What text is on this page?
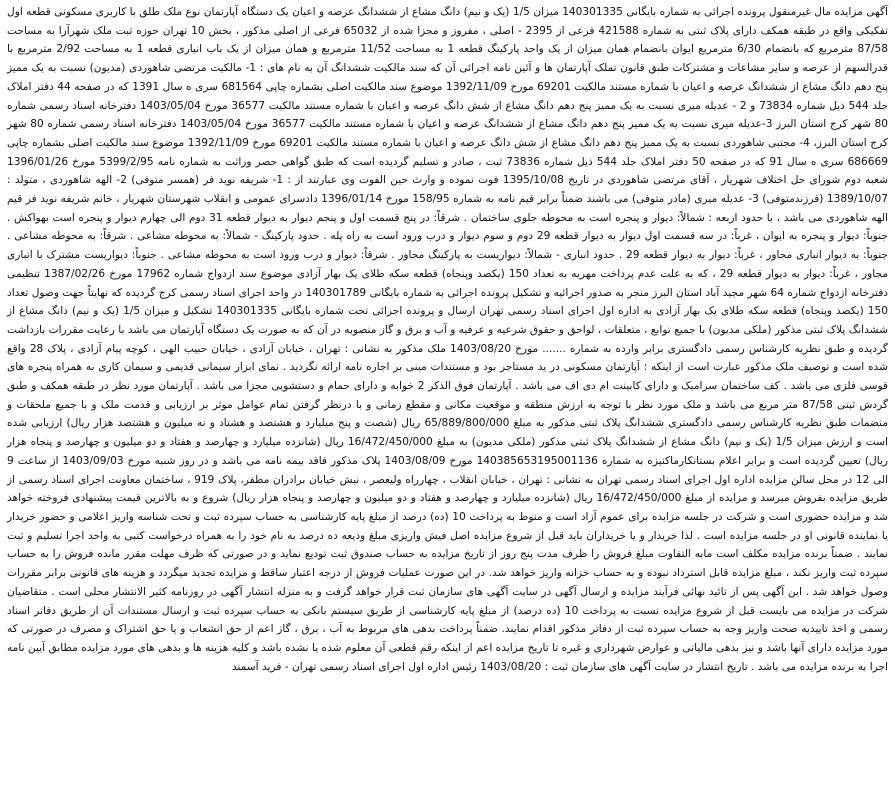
آگهی مزایده مال غیرمنقول پرونده اجرائی به شماره بایگانی 140301335 میزان 1/5 (یک و نیم) دانگ مشاع از ششدانگ عرصه و اعیان یک دستگاه آپارتمان نوع ملک طلق با کاربری مسکونی قطعه اول تفکیکی واقع در طبقه همکف دارای پلاک ثبتی به شماره 421588 فرعی از 2395 - اصلی ، مفروز و مجزا شده از 65032 فرعی از اصلی مذکور ، بخش 10 تهران حوزه ثبت ملک شهرآرا به مساحت 87/58 مترمربع که بانضمام 6/30 مترمربع ایوان بانضمام همان میزان از یک واحد پارکینگ قطعه 1 به مساحت 11/52 مترمربع و همان میزان از یک باب انباری قطعه 1 به مساحت 2/92 مترمربع با قدرالسهم از عرصه و سایر مشاعات و مشترکات طبق قانون تملک آپارتمان ها و آئین نامه اجرائی آن که سند مالکیت ششدانگ آن به نام های : 1- مالکیت مرتضی شاهوردی (مدیون) نسبت به یک ممیز پنج دهم دانگ مشاع از ششدانگ عرصه و اعیان با شماره مستند مالکیت 69201 مورخ 1392/11/09 موضوع سند مالکیت اصلی بشماره چاپی 681564 سری ه سال 1391 که در صفحه 44 دفتر املاک جلد 544 ذیل شماره 73834 و 2 - عدیله میری نسبت به یک ممیز پنج دهم دانگ مشاع از شش دانگ عرصه و اعیان با شماره مستند مالکیت 36577 مورخ 1403/05/04 دفترخانه اسناد رسمی شماره 80 شهر کرج استان البرز 3-عدیله میری نسبت به یک ممیز پنج دهم دانگ مشاع از ششدانگ عرصه و اعیان با شماره مستند مالکیت 36577 مورخ 1403/05/04 دفترخانه اسناد رسمی شماره 80 شهر کرج استان البرز، 4- مجتبی شاهوردی نسبت به یک ممیز پنج دهم دانگ مشاع از شش دانگ عرصه و اعیان با شماره مستند مالکیت 69201 مورخ 1392/11/09 موضوع سند مالکیت اصلی بشماره چاپی 686669 سری ه سال 91 که در صفحه 50 دفتر املاک جلد 544 ذیل شماره 73836 ثبت ، صادر و تسلیم گردیده است که طبق گواهی حصر وراثت به شماره نامه 5399/2/95 مورخ 1396/01/26 شعبه دوم شورای حل اختلاف شهریار ، آقای مرتضی شاهوردی در تاریخ 1395/10/08 فوت نموده و وارث حین الفوت وی عبارتند از : 1- شریفه نوید فر (همسر متوفی) 2- الهه شاهوردی ، متولد : 1389/10/07 (فرزندمتوفی) 3- عدیله میری (مادر متوفی) می باشند ضمناً برابر قیم نامه به شماره 158/95 مورخ 1396/01/14 دادسرای عمومی و انقلاب شهرستان شهریار ، خانم شریفه نوید فر قیم الهه شاهوردی می باشد ، با حدود اربعه : شمالاً: دیوار و پنجره است به محوطه جلوی ساختمان . شرقاً: در پنج قسمت اول و پنجم دیوار به دیوار قطعه 31 دوم الی چهارم دیوار و پنجره است بهواکش . جنوباً: دیوار و پنجره به ایوان ، غرباً: در سه قسمت اول دیوار به دیوار قطعه 29 دوم و سوم دیوار و درب ورود است به راه پله . حدود پارکینگ - شمالاً: به محوطه مشاعی . شرقاً: به محوطه مشاعی . جنوباً: به دیوار انباری مجاور ، غرباً: دیوار به دیوار قطعه 29 . حدود انباری - شمالاً: دیواریست به پارکینگ مجاور . شرقاً: دیوار و درب ورود است به محوطه مشاعی . جنوباً: دیواریست مشترک با انباری مجاور ، غرباً: دیوار به دیوار قطعه 29 ، که به علت عدم پرداخت مهریه به تعداد 150 (یکصد وپنجاه) قطعه سکه طلای یک بهار آزادی موضوع سند ازدواج شماره 17962 مورخ 1387/02/26 تنظیمی دفترخانه ازدواج شماره 64 شهر مجید آباد استان البرز منجر به صدور اجرائیه و تشکیل پرونده اجرائی به شماره بایگانی 140301789 در واحد اجرای اسناد رسمی کرج گردیده که نهایتاً جهت وصول تعداد 150 (یکصد وپنجاه) قطعه سکه طلای یک بهار آزادی به اداره اول اجرای اسناد رسمی تهران ارسال و پرونده اجرائی تحت شماره بایگانی 140301335 تشکیل و میزان 1/5 (یک و نیم) دانگ مشاع از ششدانگ پلاک ثبتی مذکور (ملکی مدیون) با جمیع توابع ، متعلقات ، لواحق و حقوق شرعیه و عرفیه و آب و برق و گاز منصوبه در آن که به صورت یک دستگاه آپارتمان می باشد با رعایت مقررات بازداشت گردیده و طبق نظریه کارشناس رسمی دادگستری برابر وارده به شماره ....... مورخ 1403/08/20 ملک مذکور به نشانی : تهران ، خیابان آزادی ، خیابان حبیب الهی ، کوچه پیام آزادی ، پلاک 28 واقع شده است و توصیف ملک مذکور عبارت است از اینکه : آپارتمان مسکونی در ید مستاجر بود و مستندات مبنی بر اجاره نامه ارائه نگردید . نمای ابزار سیمانی قدیمی و سیمان کاری به همراه پنجره های قوسی فلزی می باشد . کف ساختمان سرامیک و دارای کابینت ام دی اف می باشد . آپارتمان فوق الذکر 2 خوابه و دارای حمام و دستشویی مجزا می باشد . آپارتمان مورد نظر در طبقه همکف و طبق گردش ثبتی 87/58 متر مربع می باشد و ملک مورد نظر با توجه به ارزش منطقه و موقعیت مکانی و مقطع زمانی و با درنظر گرفتن تمام عوامل موثر بر ارزیابی و قدمت ملک و با جمیع ملحقات و منضمات طبق نظریه کارشناس رسمی دادگستری ششدانگ پلاک ثبتی مذکور به مبلغ 65/889/800/000 ریال (شصت و پنج میلیارد و هشتصد و هشتاد و نه میلیون و هشتصد هزار ریال) ارزیابی شده است و ارزش میزان 1/5 (یک و نیم) دانگ مشاع از ششدانگ پلاک ثبتی مذکور (ملکی مدیون) به مبلغ 16/472/450/000 ریال (شانزده میلیارد و چهارصد و هفتاد و دو میلیون و چهارصد و پنجاه هزار ریال) تعیین گردیده است و برابر اعلام بستانکارماکنیزه به شماره 140385653195001136 مورخ 1403/08/09 پلاک مذکور فاقد بیمه نامه می باشد و در روز شنبه مورخ 1403/09/03 از ساعت 9 الی 12 در محل سالن مزایده اداره اول اجرای اسناد رسمی تهران به نشانی : تهران ، خیابان انقلاب ، چهارراه ولیعصر ، نبش خیابان برادران مظفر، پلاک 919 ، ساختمان معاونت اجرای اسناد رسمی از طریق مزایده بفروش میرسد و مزایده از مبلغ 16/472/450/000 ریال (شانزده میلیارد و چهارصد و هفتاد و دو میلیون و چهارصد و پنجاه هزار ریال) شروع و به بالاترین قیمت پیشنهادی فروخته خواهد شد و مزایده حضوری است و شرکت در جلسه مزایده برای عموم آزاد است و منوط به پرداخت 10 (ده) درصد از مبلغ پایه کارشناسی به حساب سپرده ثبت و تحت شناسه واریز اعلامی و حضور خریدار یا نماینده قانونی او در جلسه مزایده است . لذا خریدار و یا خریداران باید قبل از شروع مزایده اصل فیش واریزی مبلغ ودیعه ده درصد به نام خود را به همراه درخواست کتبی به واحد اجرا تسلیم و ثبت نمایند . ضمناً برنده مزایده مکلف است مابه التفاوت مبلغ فروش را ظرف مدت پنج روز از تاریخ مزایده به حساب صندوق ثبت تودیع نماید و در صورتی که ظرف مهلت مقرر مانده فروش را به حساب سپرده ثبت واریز نکند ، مبلغ مزایده قابل استرداد نبوده و به حساب خزانه واریز خواهد شد. در این صورت عملیات فروش از درجه اعتبار ساقط و مزایده تجدید میگردد و هزینه های قانونی برابر مقررات وصول خواهد شد . این آگهی پس از تائید نهائی فرآیند مزایده و ارسال آگهی در سایت آگهی های سازمان ثبت قرار خواهد گرفت و به منزله انتشار آگهی در روزنامه کثیر الانتشار محلی است . متقاضیان شرکت در مزایده می بایست قبل از شروع مزایده نسبت به پرداخت 10 (ده درصد) از مبلغ پایه کارشناسی از طریق سیستم بانکی به حساب سپرده ثبت و ارسال مستندات آن از طریق دفاتر اسناد رسمی و اخذ تاییدیه صحت واریز وجه به حساب سپرده ثبت از دفاتر مذکور اقدام نمایند. ضمناً پرداخت بدهی های مربوط به آب ، برق ، گاز اعم از حق انشعاب و یا حق اشتراک و مصرف در صورتی که مورد مزایده دارای آنها باشد و نیز بدهی مالیاتی و عوارض شهرداری و غیره تا تاریخ مزایده اعم از اینکه رقم قطعی آن معلوم شده یا نشده باشد و کلیه هزینه ها و بدهی های مورد مزایده مطابق آیین نامه اجرا به برنده مزایده می باشد . تاریخ انتشار در سایت آگهی های سازمان ثبت : 1403/08/20 رئیس اداره اول اجرای اسناد رسمی تهران - فرید آسمند
